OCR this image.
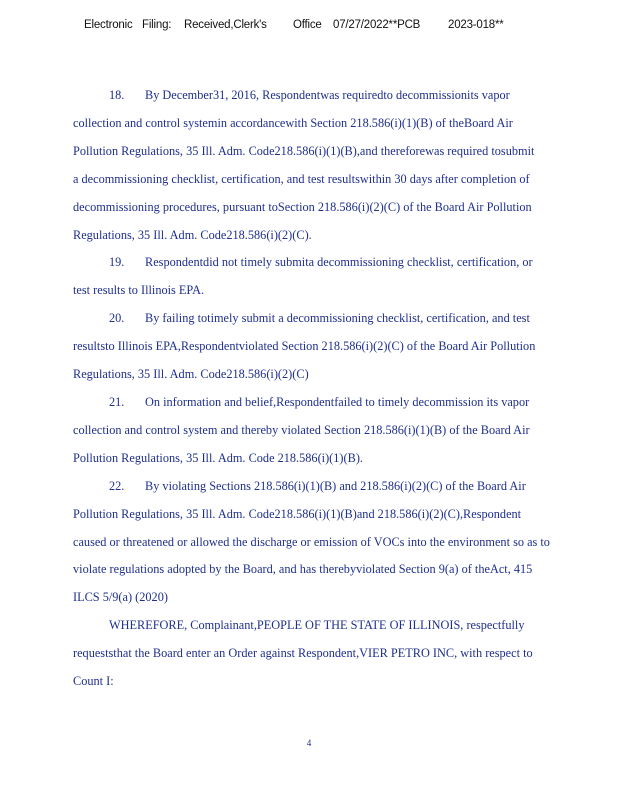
Electronic Filing: Received,Clerk's Office 07/27/2022**PCB 2023-018**
18. By December31, 2016, Respondentwas requiredto decommissionits vapor
collection and control systemin accordancewith Section 218.586(i)(1)(B) of theBoard Air
Pollution Regulations, 35 Ill. Adm. Code218.586(i)(1)(B),and thereforewas required tosubmit
a decommissioning checklist, certification, and test resultswithin 30 days after completion of
decommissioning procedures, pursuant toSection 218.586(i)(2)(C) of the Board Air Pollution
Regulations, 35 Ill. Adm. Code218.586(i)(2)(C).
19. Respondentdid not timely submita decommissioning checklist, certification, or
test results to Illinois EPA.
20. By failing totimely submit a decommissioning checklist, certification, and test
resultsto Illinois EPA,Respondentviolated Section 218.586(i)(2)(C) of the Board Air Pollution
Regulations, 35 Ill. Adm. Code218.586(i)(2)(C)
21. On information and belief,Respondentfailed to timely decommission its vapor
collection and control system and thereby violated Section 218.586(i)(1)(B) of the Board Air
Pollution Regulations, 35 Ill. Adm. Code 218.586(i)(1)(B).
22. By violating Sections 218.586(i)(1)(B) and 218.586(i)(2)(C) of the Board Air
Pollution Regulations, 35 Ill. Adm. Code218.586(i)(1)(B)and 218.586(i)(2)(C),Respondent
caused or threatened or allowed the discharge or emission of VOCs into the environment so as to
violate regulations adopted by the Board, and has therebyviolated Section 9(a) of theAct, 415
ILCS 5/9(a) (2020)
WHEREFORE, Complainant,PEOPLE OF THE STATE OF ILLINOIS, respectfully
requeststhat the Board enter an Order against Respondent,VIER PETRO INC, with respect to
Count I:
4
